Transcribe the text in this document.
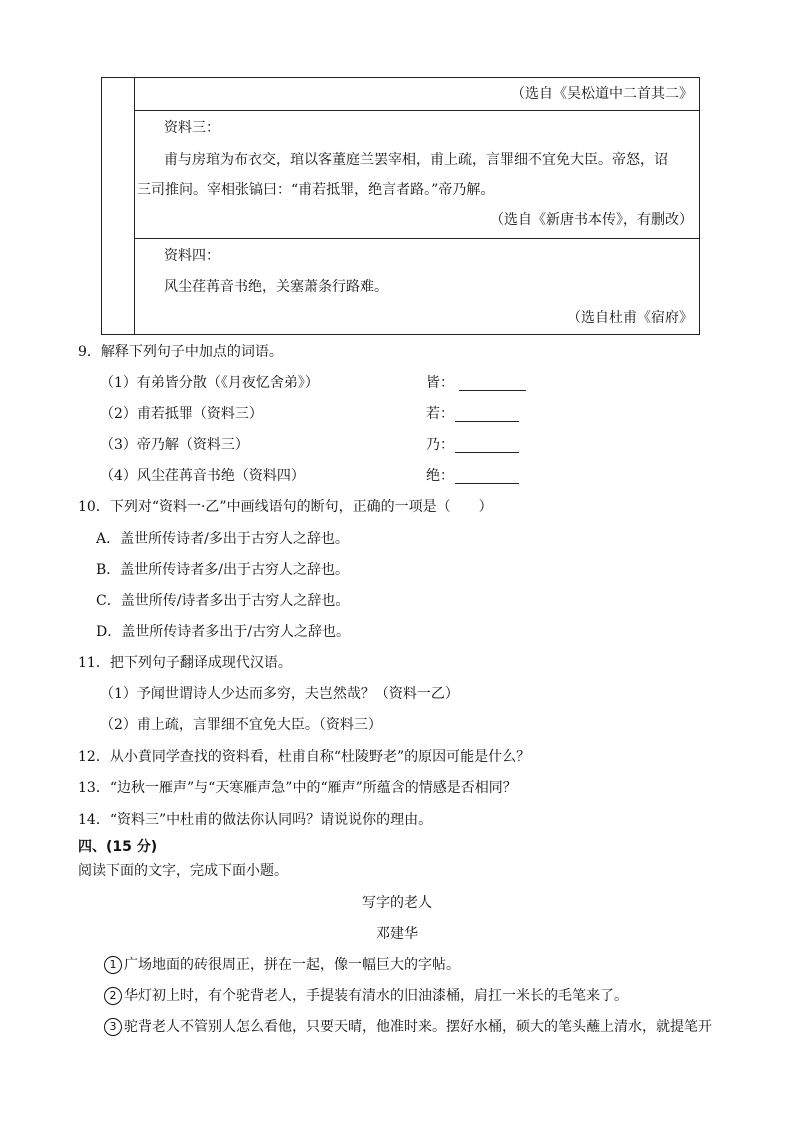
（选自《吴松道中二首其二》
资料三：
甫与房琯为布衣交，琯以客董庭兰罢宰相，甫上疏，言罪细不宜免大臣。帝怒，诏
三司推问。宰相张镐曰：“甫若抵罪，绝言者路。”帝乃解。
（选自《新唐书本传》，有删改）
资料四：
风尘荏苒音书绝，关塞萧条行路难。
（选自杜甫《宿府》
9．解释下列句子中加点的词语。
（1）有弟皆分散（《月夜忆舍弟》）	皆：
（2）甫若抵罪（资料三）	若：
（3）帝乃解（资料三）	乃：
（4）风尘荏苒音书绝（资料四）	绝：
10．下列对“资料一·乙”中画线语句的断句，正确的一项是（　　）
A．盖世所传诗者/多出于古穷人之辞也。
B．盖世所传诗者多/出于古穷人之辞也。
C．盖世所传/诗者多出于古穷人之辞也。
D．盖世所传诗者多出于/古穷人之辞也。
11．把下列句子翻译成现代汉语。
（1）予闻世谓诗人少达而多穷，夫岂然哉？（资料一乙）
（2）甫上疏，言罪细不宜免大臣。（资料三）
12．从小賁同学查找的资料看，杜甫自称“杜陵野老”的原因可能是什么？
13．“边秋一雁声”与“天寒雁声急”中的“雁声”所蕴含的情感是否相同？
14．“资料三”中杜甫的做法你认同吗？请说说你的理由。
四、(15 分)
阅读下面的文字，完成下面小题。
写字的老人
邓建华
1 广场地面的砖很周正，拼在一起，像一幅巨大的字帖。
2 华灯初上时，有个驼背老人，手提装有清水的旧油漆桶，肩扛一米长的毛笔来了。
3 驼背老人不管别人怎么看他，只要天晴，他准时来。摆好水桶，硕大的笔头蘸上清水，就提笔开
